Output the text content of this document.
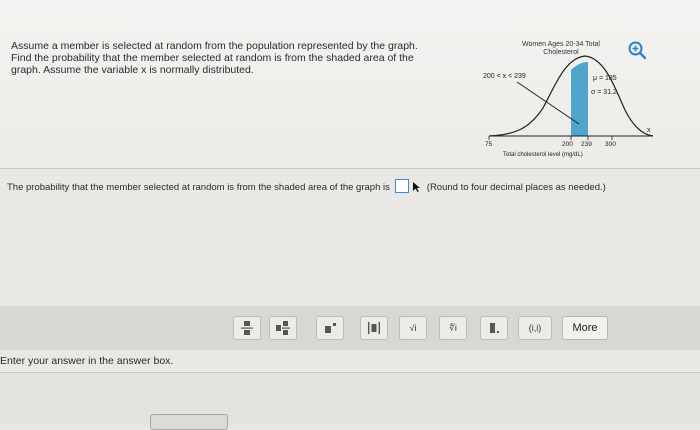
Assume a member is selected at random from the population represented by the graph. Find the probability that the member selected at random is from the shaded area of the graph. Assume the variable x is normally distributed.
Women Ages 20-34 Total
Cholesterol
200 < x < 239	μ = 185
σ = 31.2
x
75	200 239 300
Total cholesterol level (mg/dL)
The probability that the member selected at random is from the shaded area of the graph is	(Round to four decimal places as needed.)
√i	∜i	(i,i)	More
Enter your answer in the answer box.
